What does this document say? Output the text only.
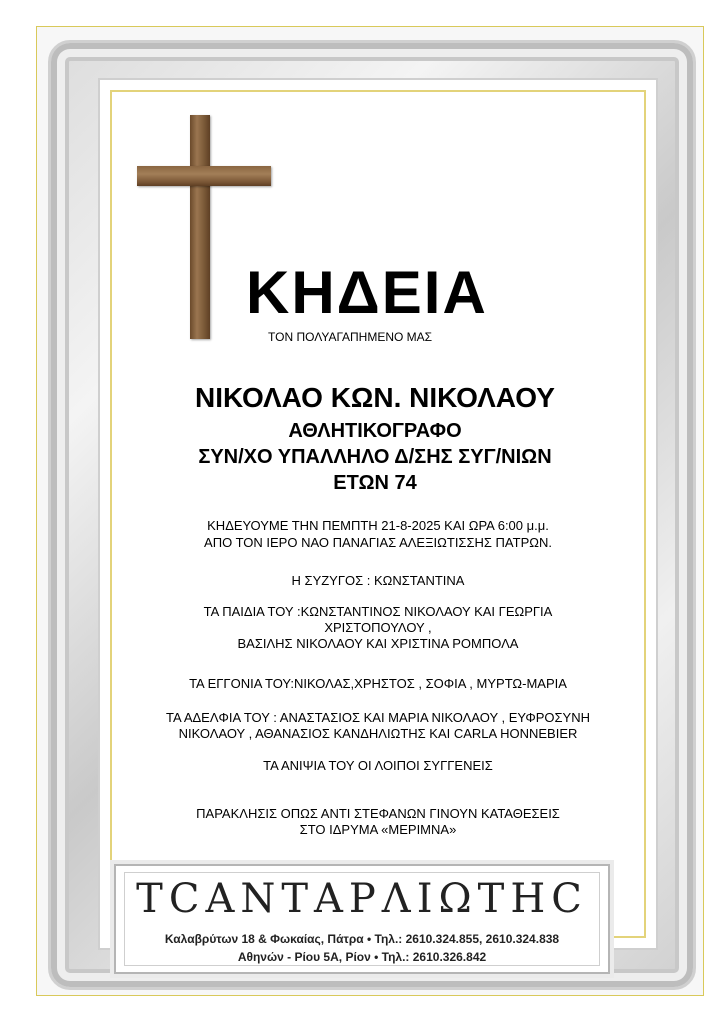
ΚΗΔΕΙΑ
ΤΟΝ ΠΟΛΥΑΓΑΠΗΜΕΝΟ ΜΑΣ
ΝΙΚΟΛΑΟ ΚΩΝ. ΝΙΚΟΛΑΟΥ
ΑΘΛΗΤΙΚΟΓΡΑΦΟ
ΣΥΝ/ΧΟ ΥΠΑΛΛΗΛΟ Δ/ΣΗΣ ΣΥΓ/ΝΙΩΝ
ΕΤΩΝ 74
ΚΗΔΕΥΟΥΜΕ ΤΗΝ ΠΕΜΠΤΗ 21-8-2025 ΚΑΙ ΩΡΑ 6:00 μ.μ.
ΑΠΟ ΤΟΝ ΙΕΡΟ ΝΑΟ ΠΑΝΑΓΙΑΣ ΑΛΕΞΙΩΤΙΣΣΗΣ ΠΑΤΡΩΝ.
Η ΣΥΖΥΓΟΣ : ΚΩΝΣΤΑΝΤΙΝΑ
ΤΑ ΠΑΙΔΙΑ ΤΟΥ :ΚΩΝΣΤΑΝΤΙΝΟΣ ΝΙΚΟΛΑΟΥ ΚΑΙ ΓΕΩΡΓΙΑ
ΧΡΙΣΤΟΠΟΥΛΟΥ ,
ΒΑΣΙΛΗΣ ΝΙΚΟΛΑΟΥ ΚΑΙ ΧΡΙΣΤΙΝΑ ΡΟΜΠΟΛΑ
ΤΑ ΕΓΓΟΝΙΑ ΤΟΥ:ΝΙΚΟΛΑΣ,ΧΡΗΣΤΟΣ , ΣΟΦΙΑ , ΜΥΡΤΩ-ΜΑΡΙΑ
ΤΑ ΑΔΕΛΦΙΑ ΤΟΥ : ΑΝΑΣΤΑΣΙΟΣ ΚΑΙ ΜΑΡΙΑ ΝΙΚΟΛΑΟΥ , ΕΥΦΡΟΣΥΝΗ
ΝΙΚΟΛΑΟΥ , ΑΘΑΝΑΣΙΟΣ ΚΑΝΔΗΛΙΩΤΗΣ ΚΑΙ CARLA HONNEBIER
ΤΑ ΑΝΙΨΙΑ ΤΟΥ ΟΙ ΛΟΙΠΟΙ ΣΥΓΓΕΝΕΙΣ
ΠΑΡΑΚΛΗΣΙΣ ΟΠΩΣ ΑΝΤΙ ΣΤΕΦΑΝΩΝ ΓΙΝΟΥΝ ΚΑΤΑΘΕΣΕΙΣ
ΣΤΟ ΙΔΡΥΜΑ «ΜΕΡΙΜΝΑ»
ΤCΑΝΤΑΡΛΙΩΤΗC
Καλαβρύτων 18 & Φωκαίας, Πάτρα • Τηλ.: 2610.324.855, 2610.324.838
Αθηνών - Ρίου 5Α, Ρίον • Τηλ.: 2610.326.842
